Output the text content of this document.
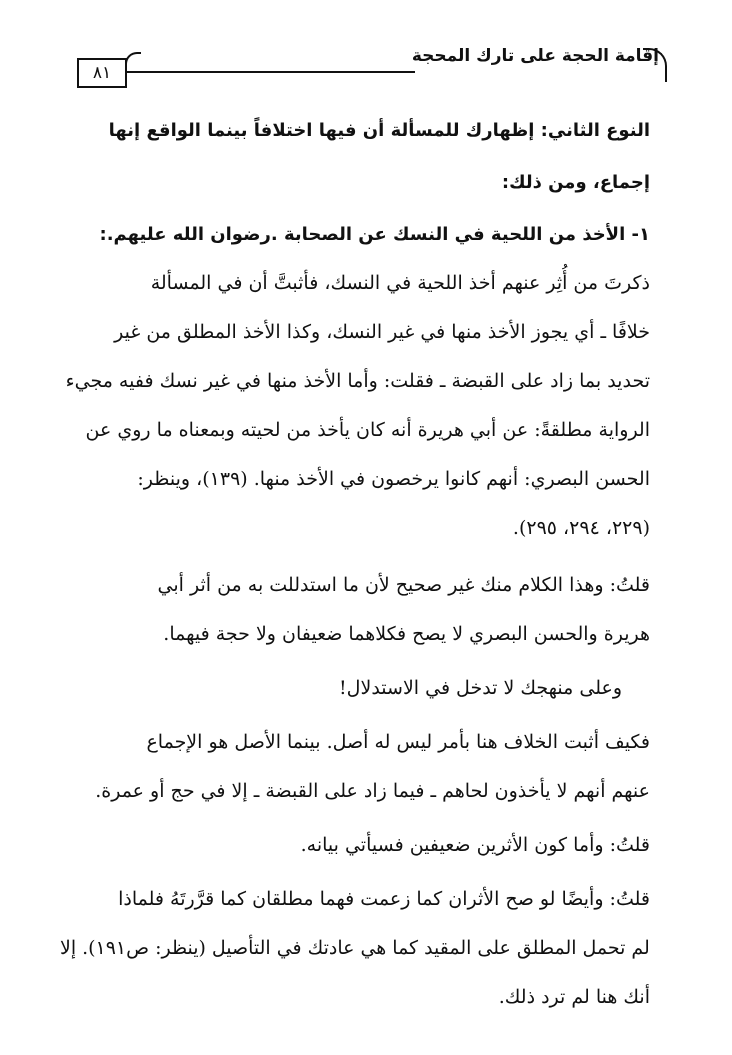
إقامة الحجة على تارك المحجة
٨١
النوع الثاني: إظهارك للمسألة أن فيها اختلافاً بينما الواقع إنها
إجماع، ومن ذلك:
١- الأخذ من اللحية في النسك عن الصحابة .رضوان الله عليهم.:
ذكرتَ من أُثِر عنهم أخذ اللحية في النسك، فأثبتَّ أن في المسألة
خلافًا ـ أي يجوز الأخذ منها في غير النسك، وكذا الأخذ المطلق من غير
تحديد بما زاد على القبضة ـ فقلت: وأما الأخذ منها في غير نسك ففيه مجيء
الرواية مطلقةً: عن أبي هريرة أنه كان يأخذ من لحيته وبمعناه ما روي عن
الحسن البصري: أنهم كانوا يرخصون في الأخذ منها. (١٣٩)، وينظر:
(٢٢٩، ٢٩٤، ٢٩٥).
قلتُ: وهذا الكلام منك غير صحيح لأن ما استدللت به من أثر أبي
هريرة والحسن البصري لا يصح فكلاهما ضعيفان ولا حجة فيهما.
وعلى منهجك لا تدخل في الاستدلال!
فكيف أثبت الخلاف هنا بأمر ليس له أصل. بينما الأصل هو الإجماع
عنهم أنهم لا يأخذون لحاهم ـ فيما زاد على القبضة ـ إلا في حج أو عمرة.
قلتُ: وأما كون الأثرين ضعيفين فسيأتي بيانه.
قلتُ: وأيضًا لو صح الأثران كما زعمت فهما مطلقان كما قرَّرتَهُ فلماذا
لم تحمل المطلق على المقيد كما هي عادتك في التأصيل (ينظر: ص١٩١). إلا
أنك هنا لم ترد ذلك.
